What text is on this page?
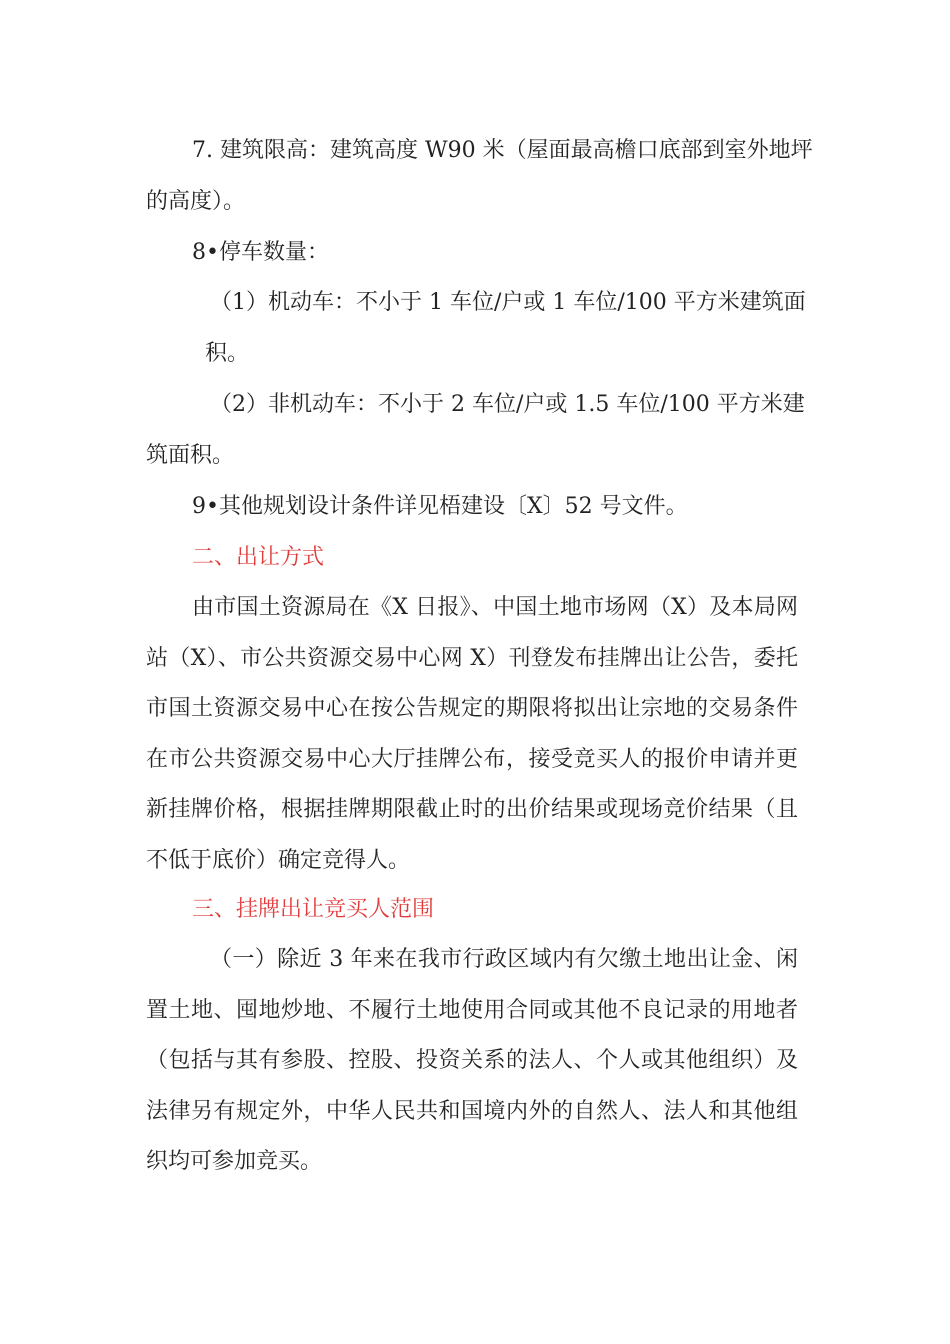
7. 建筑限高：建筑高度 W90 米（屋面最高檐口底部到室外地坪

的高度）。

8•停车数量：

（1）机动车：不小于 1 车位/户或 1 车位/100 平方米建筑面

积。

（2）非机动车：不小于 2 车位/户或 1.5 车位/100 平方米建

筑面积。

9•其他规划设计条件详见梧建设〔X〕52 号文件。

二、出让方式

由市国土资源局在《X 日报》、中国土地市场网（X）及本局网站（X）、市公共资源交易中心网 X）刊登发布挂牌出让公告，委托市国土资源交易中心在按公告规定的期限将拟出让宗地的交易条件在市公共资源交易中心大厅挂牌公布，接受竞买人的报价申请并更新挂牌价格，根据挂牌期限截止时的出价结果或现场竞价结果（且不低于底价）确定竞得人。

三、挂牌出让竞买人范围

（一）除近 3 年来在我市行政区域内有欠缴土地出让金、闲置土地、囤地炒地、不履行土地使用合同或其他不良记录的用地者（包括与其有参股、控股、投资关系的法人、个人或其他组织）及法律另有规定外，中华人民共和国境内外的自然人、法人和其他组织均可参加竞买。
